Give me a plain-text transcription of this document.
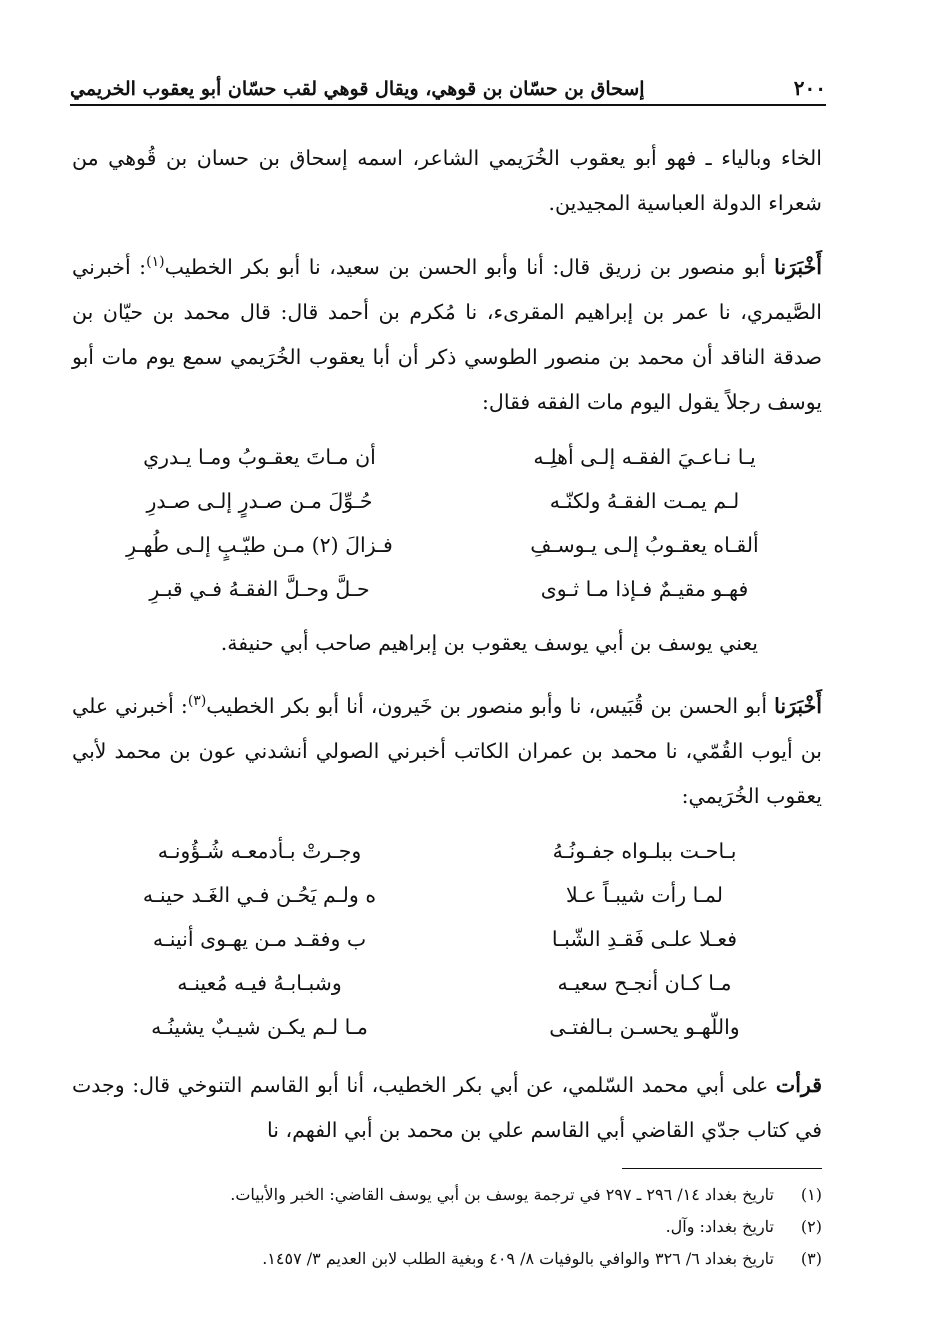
٢٠٠
إسحاق بن حسّان بن قوهي، ويقال قوهي لقب حسّان أبو يعقوب الخريمي

الخاء وبالياء ـ فهو أبو يعقوب الخُرَيمي الشاعر، اسمه إسحاق بن حسان بن قُوهي من شعراء الدولة العباسية المجيدين.

أَخْبَرَنا أبو منصور بن زريق قال: أنا وأبو الحسن بن سعيد، نا أبو بكر الخطيب$^{(١)}$: أخبرني الصَّيمري، نا عمر بن إبراهيم المقرىء، نا مُكرم بن أحمد قال: قال محمد بن حيّان بن صدقة الناقد أن محمد بن منصور الطوسي ذكر أن أبا يعقوب الخُرَيمي سمع يوم مات أبو يوسف رجلاً يقول اليوم مات الفقه فقال:

يـا نـاعـيَ الفقـه إلـى أهلِـه
أن مـاتَ يعقـوبُ ومـا يـدري
لـم يمـت الفقـهُ ولكنّـه
حُـوِّلَ مـن صـدرٍ إلـى صـدرِ
ألقـاه يعقـوبُ إلـى يـوسـفِ
فـزالَ (٢) مـن طيّـبٍ إلـى طُهـرِ
فهـو مقيـمٌ فـإذا مـا ثـوى
حـلَّ وحـلَّ الفقـهُ فـي قبـرِ

يعني يوسف بن أبي يوسف يعقوب بن إبراهيم صاحب أبي حنيفة.

أَخْبَرَنا أبو الحسن بن قُبَيس، نا وأبو منصور بن خَيرون، أنا أبو بكر الخطيب$^{(٣)}$: أخبرني علي بن أيوب القُمّي، نا محمد بن عمران الكاتب أخبرني الصولي أنشدني عون بن محمد لأبي يعقوب الخُرَيمي:

بـاحـت ببلـواه جفـونُـهُ
وجـرتْ بـأدمعـه شُـؤُونـه
لمـا رأت شيبـاً عـلا
ه ولـم يَحُـن فـي الغَـد حينـه
فعـلا علـى فَقـدِ الشّبـا
ب وفقـد مـن يهـوى أنينـه
مـا كـان أنجـح سعيـه
وشبـابـهُ فيـه مُعينـه
واللّهـو يحسـن بـالفتـى
مـا لـم يكـن شيـبٌ يشينُـه

قرأت على أبي محمد السّلمي، عن أبي بكر الخطيب، أنا أبو القاسم التنوخي قال: وجدت في كتاب جدّي القاضي أبي القاسم علي بن محمد بن أبي الفهم، نا

(١)
تاريخ بغداد ١٤/ ٢٩٦ ـ ٢٩٧ في ترجمة يوسف بن أبي يوسف القاضي: الخبر والأبيات.
(٢)
تاريخ بغداد: وآل.
(٣)
تاريخ بغداد ٦/ ٣٢٦ والوافي بالوفيات ٨/ ٤٠٩ وبغية الطلب لابن العديم ٣/ ١٤٥٧.
